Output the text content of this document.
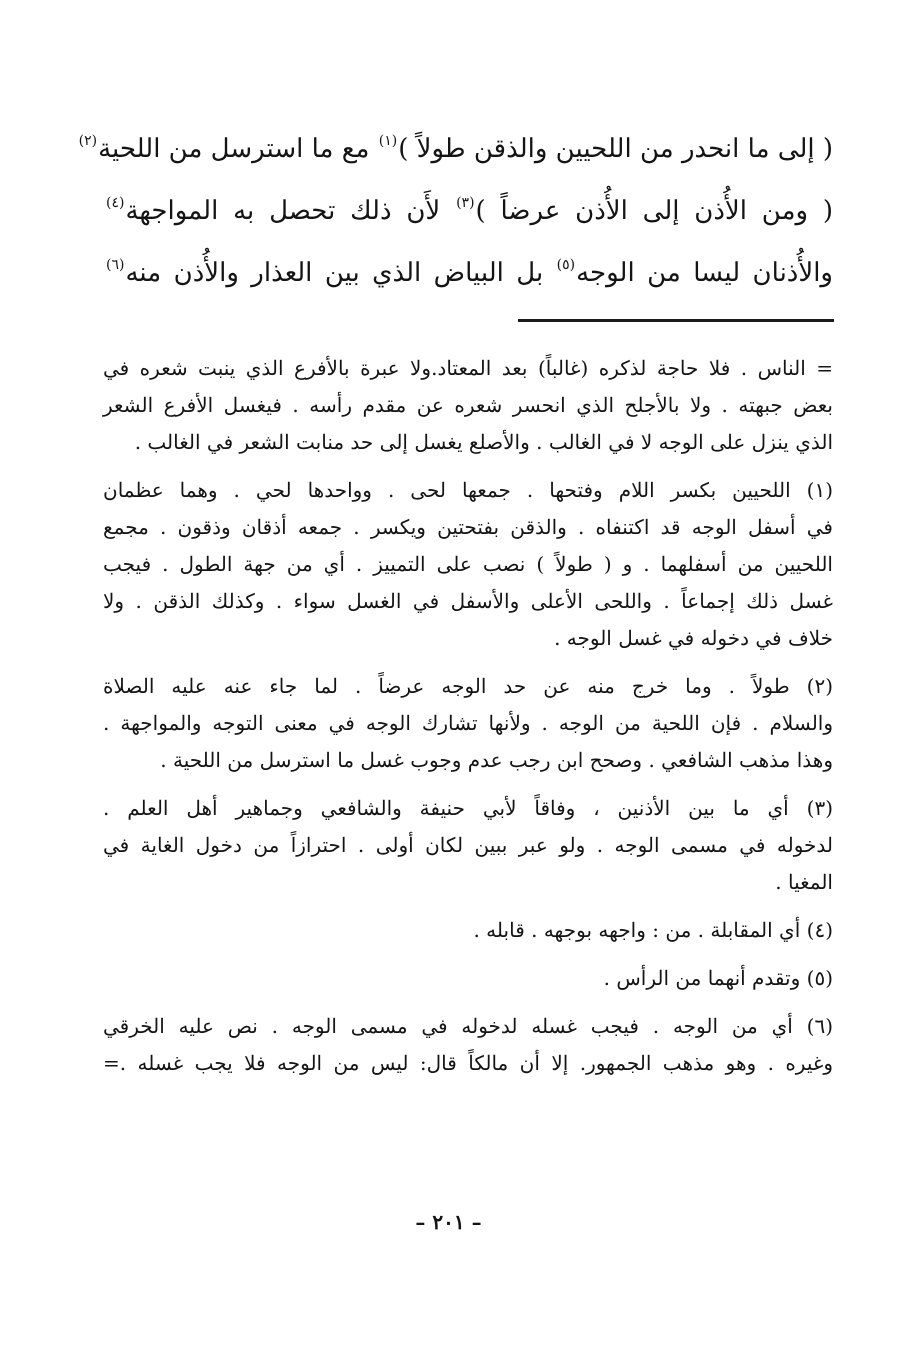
( إلى ما انحدر من اللحيين والذقن طولاً )$^{(١)}$ مع ما استرسل من اللحية$^{(٢)}$
( ومن الأُذن إلى الأُذن عرضاً )$^{(٣)}$ لأَن ذلك تحصل به المواجهة$^{(٤)}$
والأُذنان ليسا من الوجه$^{(٥)}$ بل البياض الذي بين العذار والأُذن منه$^{(٦)}$
= الناس . فلا حاجة لذكره (غالباً) بعد المعتاد.ولا عبرة بالأفرع الذي ينبت شعره في
بعض جبهته . ولا بالأجلح الذي انحسر شعره عن مقدم رأسه . فيغسل الأفرع الشعر
الذي ينزل على الوجه لا في الغالب . والأصلع يغسل إلى حد منابت الشعر في الغالب .
(١) اللحيين بكسر اللام وفتحها . جمعها لحى . وواحدها لحي . وهما عظمان
في أسفل الوجه قد اكتنفاه . والذقن بفتحتين ويكسر . جمعه أذقان وذقون . مجمع
اللحيين من أسفلهما . و ( طولاً ) نصب على التمييز . أي من جهة الطول . فيجب
غسل ذلك إجماعاً . واللحى الأعلى والأسفل في الغسل سواء . وكذلك الذقن . ولا
خلاف في دخوله في غسل الوجه .
(٢) طولاً . وما خرج منه عن حد الوجه عرضاً . لما جاء عنه عليه الصلاة
والسلام . فإن اللحية من الوجه . ولأنها تشارك الوجه في معنى التوجه والمواجهة .
وهذا مذهب الشافعي . وصحح ابن رجب عدم وجوب غسل ما استرسل من اللحية .
(٣) أي ما بين الأذنين ، وفاقاً لأبي حنيفة والشافعي وجماهير أهل العلم .
لدخوله في مسمى الوجه . ولو عبر ببين لكان أولى . احترازاً من دخول الغاية في
المغيا .
(٤) أي المقابلة . من : واجهه بوجهه . قابله .
(٥) وتقدم أنهما من الرأس .
(٦) أي من الوجه . فيجب غسله لدخوله في مسمى الوجه . نص عليه الخرقي
وغيره . وهو مذهب الجمهور. إلا أن مالكاً قال: ليس من الوجه فلا يجب غسله .=
– ٢٠١ –
